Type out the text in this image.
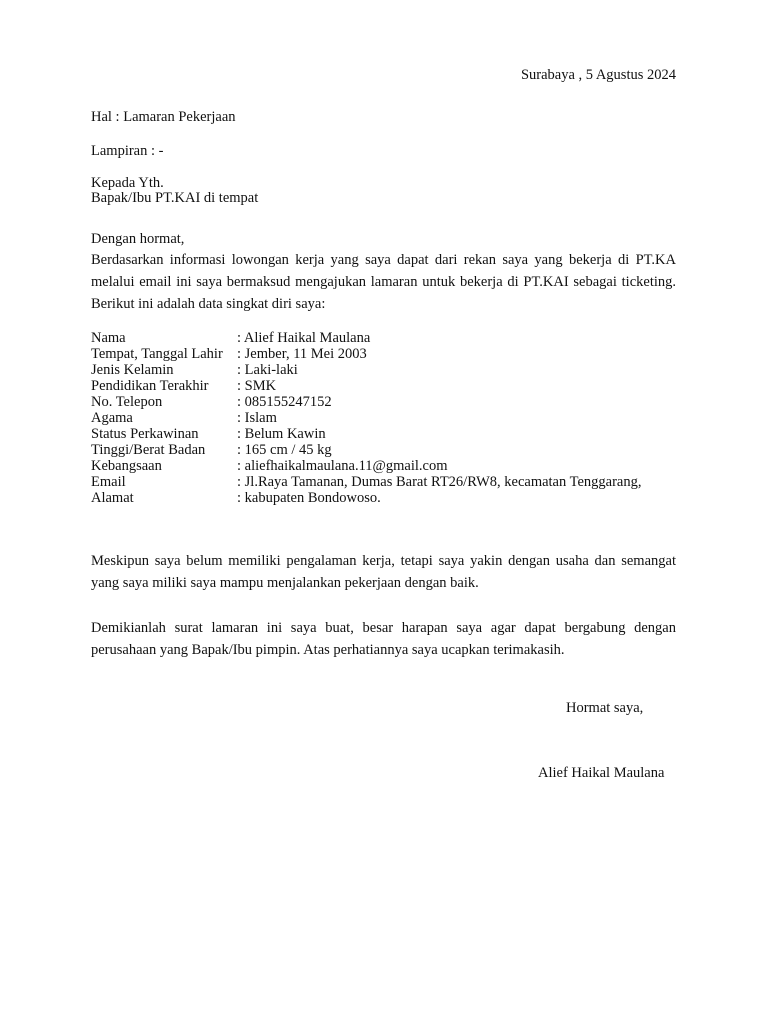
Surabaya , 5 Agustus 2024
Hal : Lamaran Pekerjaan
Lampiran : -
Kepada Yth.
Bapak/Ibu PT.KAI di tempat
Dengan hormat,
Berdasarkan informasi lowongan kerja yang saya dapat dari rekan saya yang bekerja di PT.KA melalui email ini saya bermaksud mengajukan lamaran untuk bekerja di PT.KAI sebagai ticketing. Berikut ini adalah data singkat diri saya:
Nama	: Alief Haikal Maulana
Tempat, Tanggal Lahir	: Jember, 11 Mei 2003
Jenis Kelamin	: Laki-laki
Pendidikan Terakhir	: SMK
No. Telepon	: 085155247152
Agama	: Islam
Status Perkawinan	: Belum Kawin
Tinggi/Berat Badan	: 165 cm / 45 kg
Kebangsaan	: aliefhaikalmaulana.11@gmail.com
Email	: Jl.Raya Tamanan, Dumas Barat RT26/RW8, kecamatan Tenggarang,
Alamat	: kabupaten Bondowoso.
Meskipun saya belum memiliki pengalaman kerja, tetapi saya yakin dengan usaha dan semangat yang saya miliki saya mampu menjalankan pekerjaan dengan baik.
Demikianlah surat lamaran ini saya buat, besar harapan saya agar dapat bergabung dengan perusahaan yang Bapak/Ibu pimpin. Atas perhatiannya saya ucapkan terimakasih.
Hormat saya,
Alief Haikal Maulana
